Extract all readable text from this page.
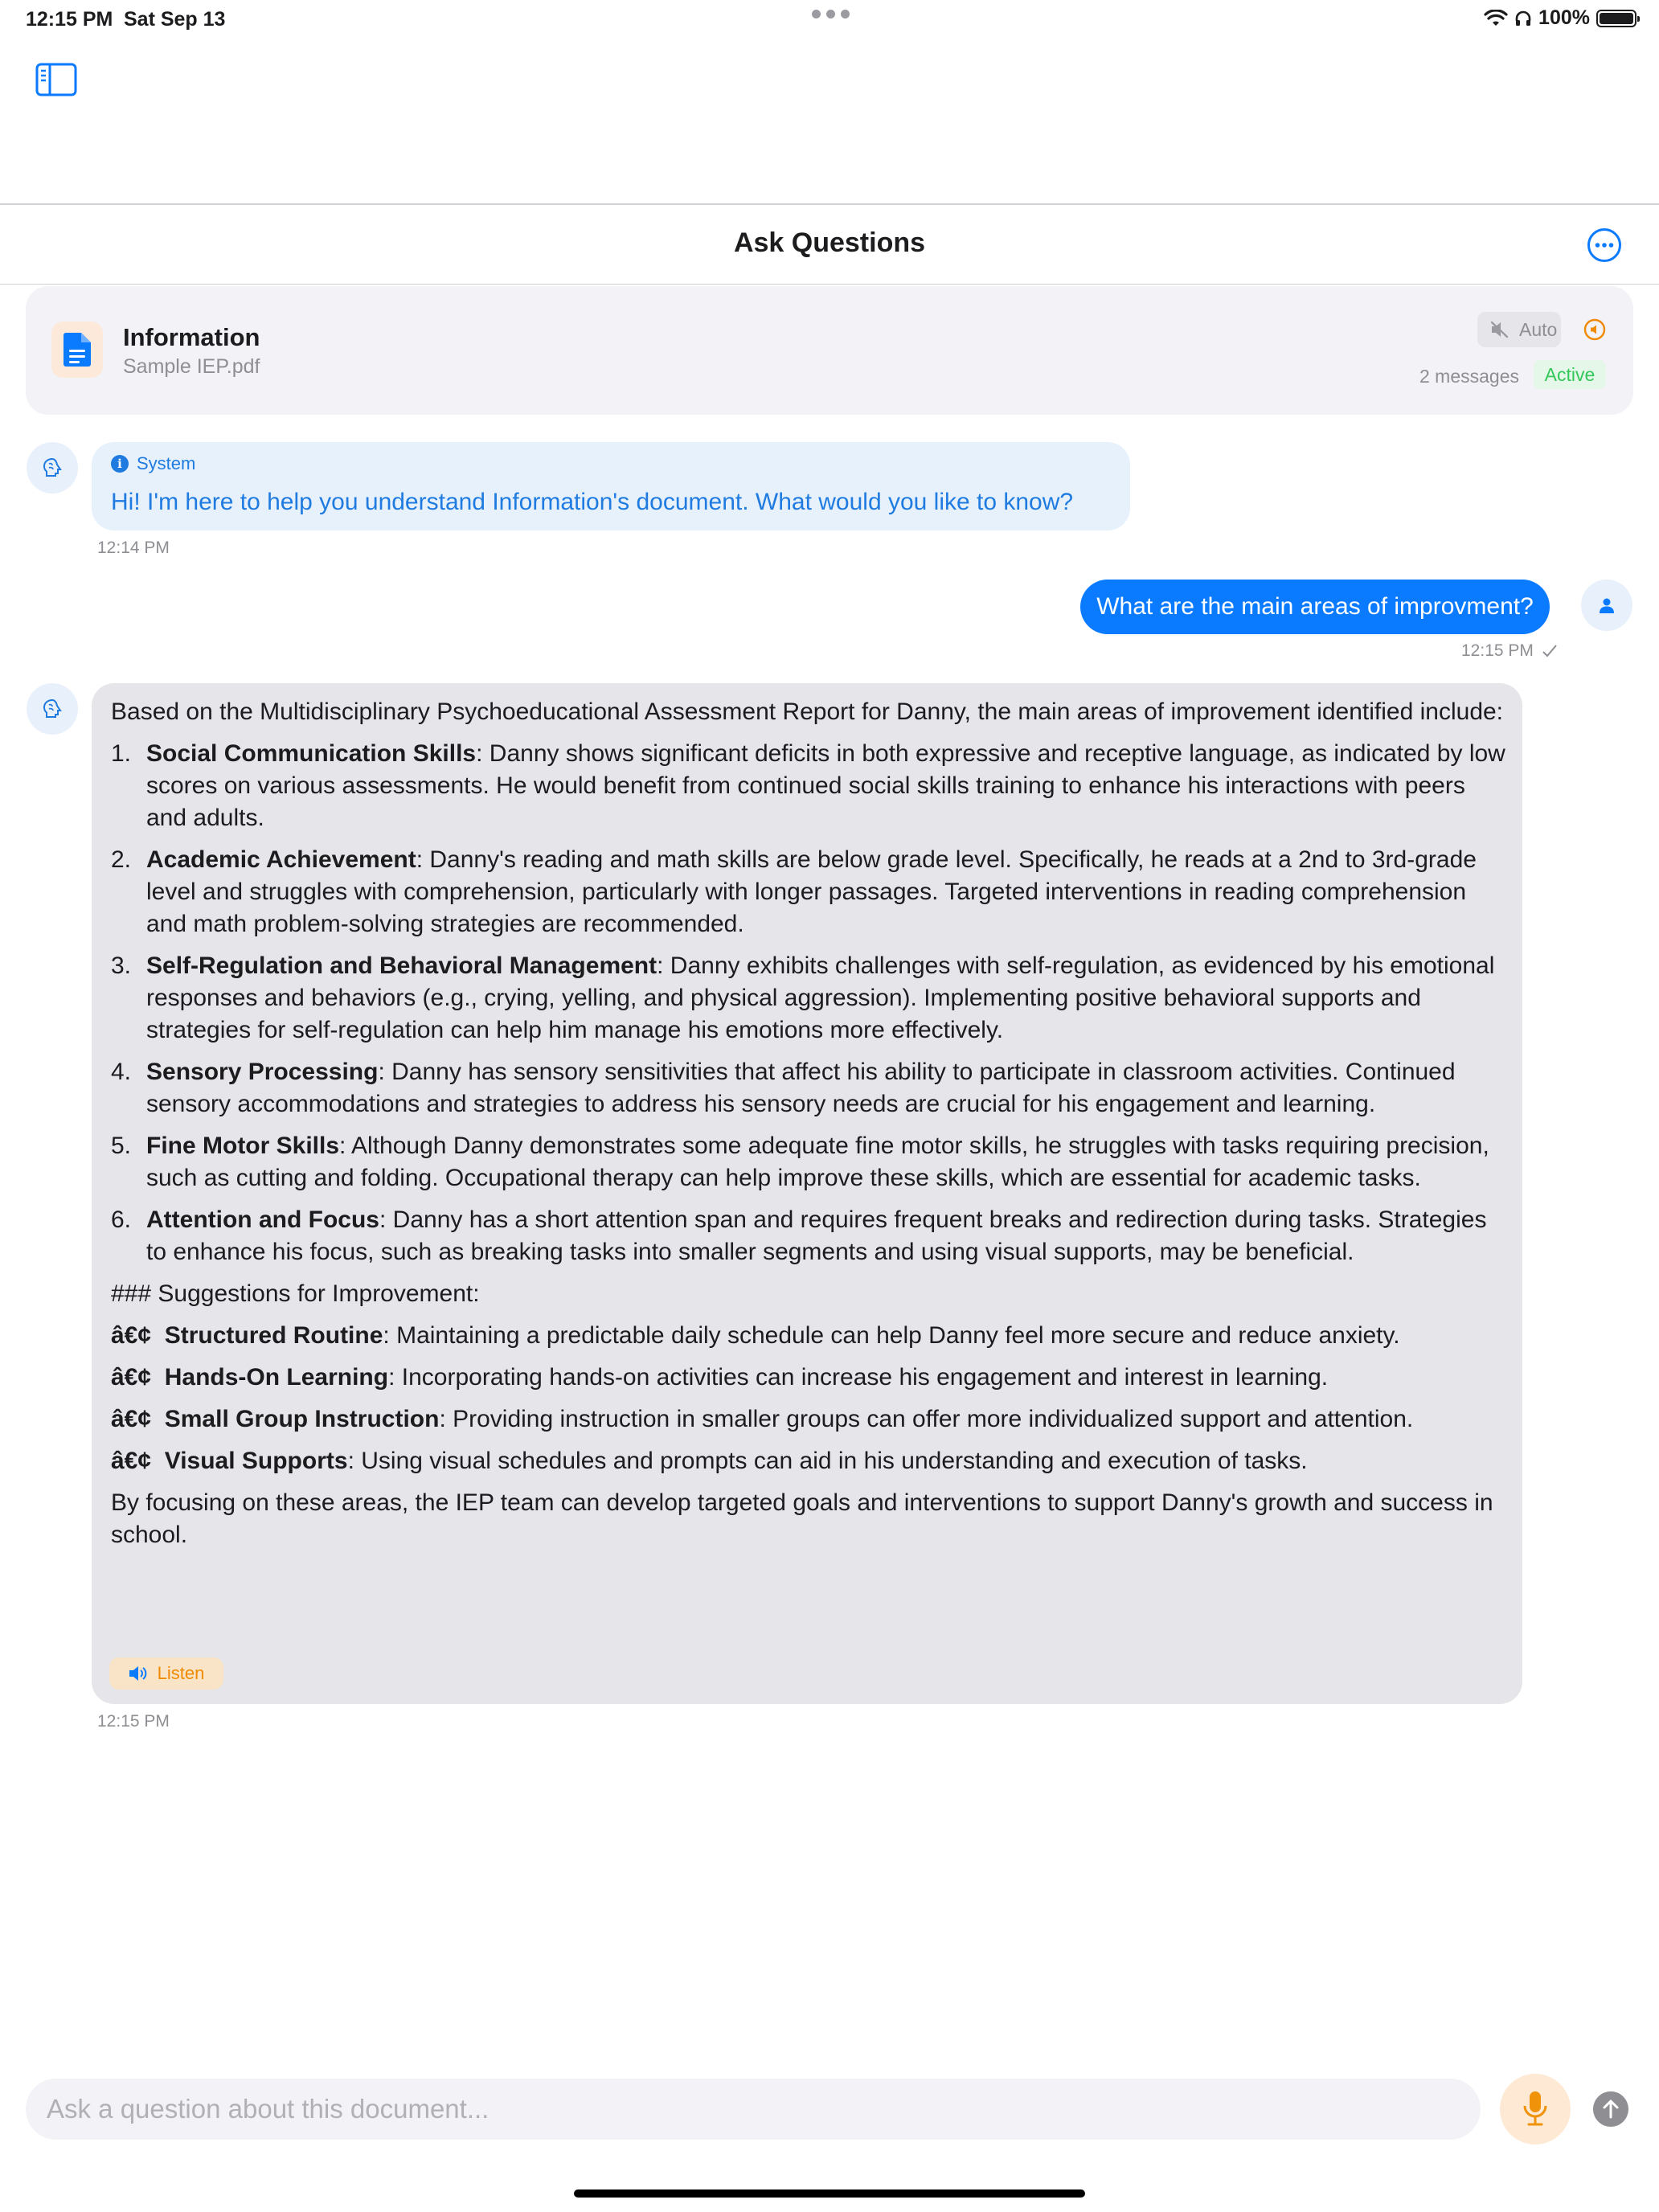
12:15 PM Sat Sep 13	100%
Ask Questions
Information
Sample IEP.pdf
Auto
2 messages	Active
i System
Hi! I'm here to help you understand Information's document. What would you like to know?
12:14 PM
What are the main areas of improvment?
12:15 PM

Based on the Multidisciplinary Psychoeducational Assessment Report for Danny, the main areas of improvement identified include:

1. Social Communication Skills: Danny shows significant deficits in both expressive and receptive language, as indicated by low scores on various assessments. He would benefit from continued social skills training to enhance his interactions with peers and adults.
2. Academic Achievement: Danny's reading and math skills are below grade level. Specifically, he reads at a 2nd to 3rd-grade level and struggles with comprehension, particularly with longer passages. Targeted interventions in reading comprehension and math problem-solving strategies are recommended.
3. Self-Regulation and Behavioral Management: Danny exhibits challenges with self-regulation, as evidenced by his emotional responses and behaviors (e.g., crying, yelling, and physical aggression). Implementing positive behavioral supports and strategies for self-regulation can help him manage his emotions more effectively.
4. Sensory Processing: Danny has sensory sensitivities that affect his ability to participate in classroom activities. Continued sensory accommodations and strategies to address his sensory needs are crucial for his engagement and learning.
5. Fine Motor Skills: Although Danny demonstrates some adequate fine motor skills, he struggles with tasks requiring precision, such as cutting and folding. Occupational therapy can help improve these skills, which are essential for academic tasks.
6. Attention and Focus: Danny has a short attention span and requires frequent breaks and redirection during tasks. Strategies to enhance his focus, such as breaking tasks into smaller segments and using visual supports, may be beneficial.

### Suggestions for Improvement:

â€¢ Structured Routine: Maintaining a predictable daily schedule can help Danny feel more secure and reduce anxiety.

â€¢ Hands-On Learning: Incorporating hands-on activities can increase his engagement and interest in learning.

â€¢ Small Group Instruction: Providing instruction in smaller groups can offer more individualized support and attention.

â€¢ Visual Supports: Using visual schedules and prompts can aid in his understanding and execution of tasks.

By focusing on these areas, the IEP team can develop targeted goals and interventions to support Danny's growth and success in school.

Listen
12:15 PM
Ask a question about this document...
